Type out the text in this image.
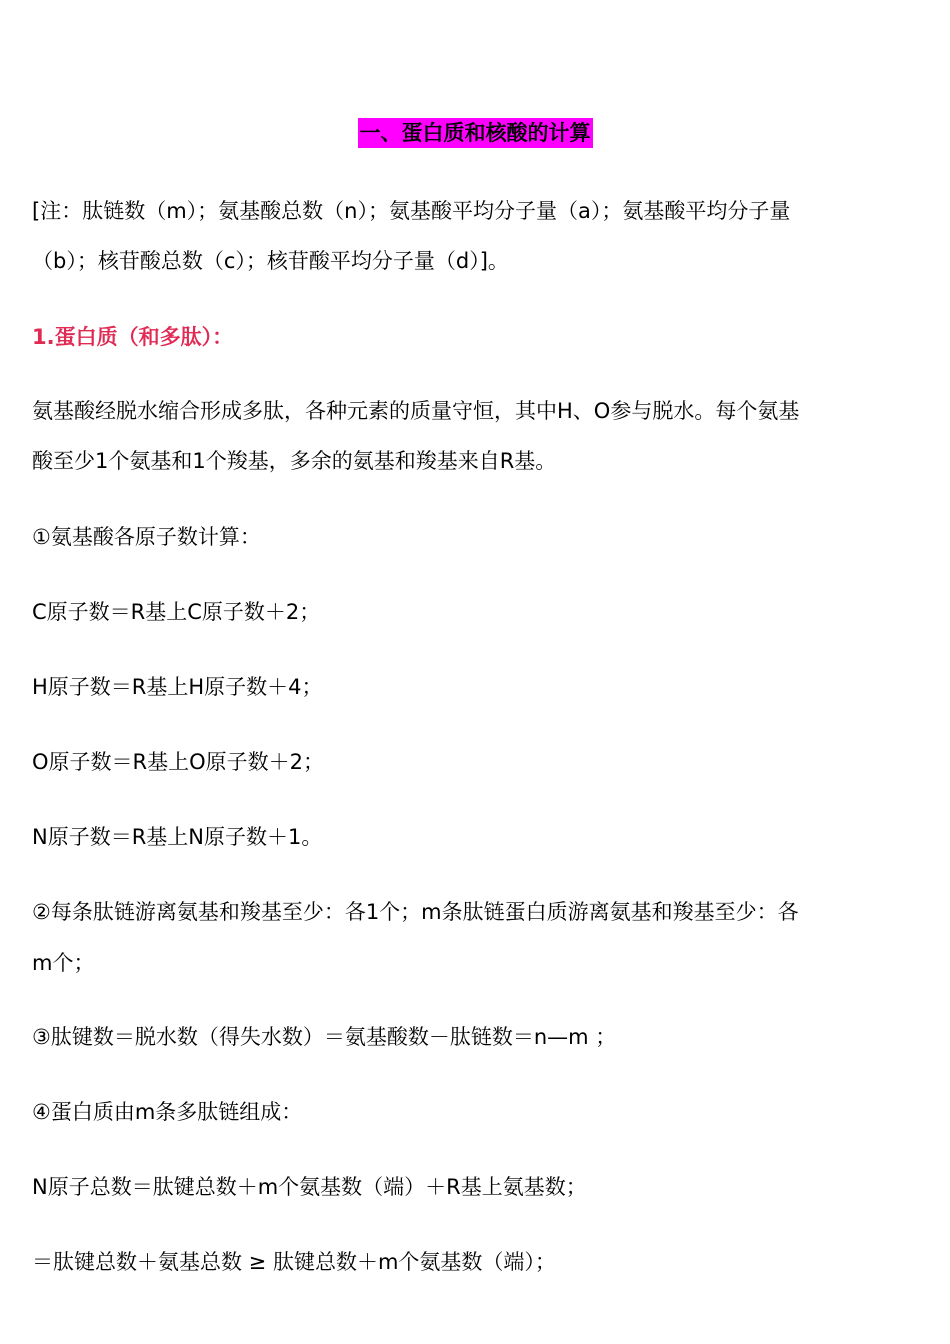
一、蛋白质和核酸的计算
[注：肽链数（m）；氨基酸总数（n）；氨基酸平均分子量（a）；氨基酸平均分子量
（b）；核苷酸总数（c）；核苷酸平均分子量（d）]。
1.蛋白质（和多肽）：
氨基酸经脱水缩合形成多肽，各种元素的质量守恒，其中H、O参与脱水。每个氨基
酸至少1个氨基和1个羧基，多余的氨基和羧基来自R基。
①氨基酸各原子数计算：
C原子数＝R基上C原子数＋2；
H原子数＝R基上H原子数＋4；
O原子数＝R基上O原子数＋2；
N原子数＝R基上N原子数＋1。
②每条肽链游离氨基和羧基至少：各1个；m条肽链蛋白质游离氨基和羧基至少：各
m个；
③肽键数＝脱水数（得失水数）＝氨基酸数－肽链数＝n—m ；
④蛋白质由m条多肽链组成：
N原子总数＝肽键总数＋m个氨基数（端）＋R基上氨基数；
＝肽键总数＋氨基总数 ≥ 肽键总数＋m个氨基数（端）；
